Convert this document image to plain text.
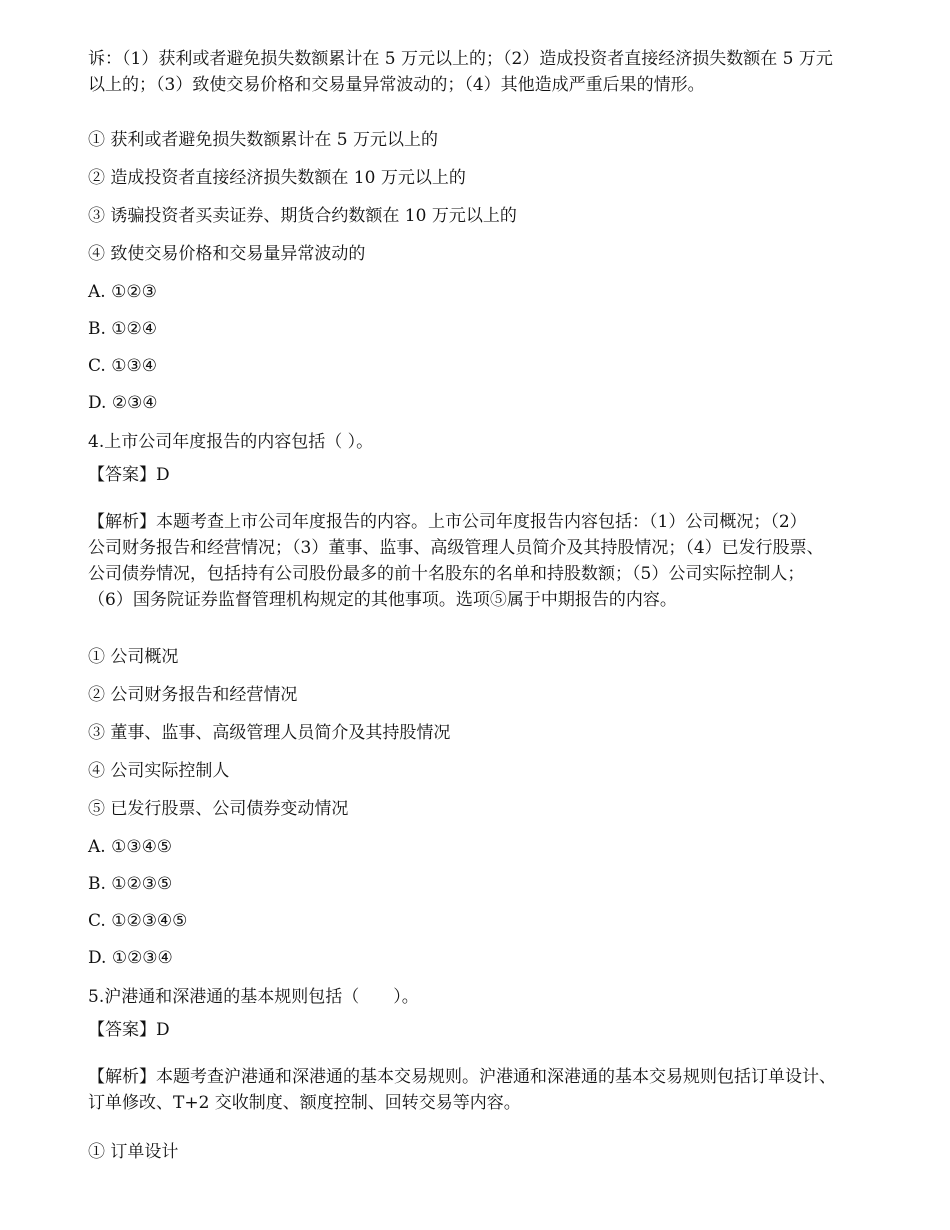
诉：（1）获利或者避免损失数额累计在 5 万元以上的；（2）造成投资者直接经济损失数额在 5 万元
以上的；（3）致使交易价格和交易量异常波动的；（4）其他造成严重后果的情形。
① 获利或者避免损失数额累计在 5 万元以上的
② 造成投资者直接经济损失数额在 10 万元以上的
③ 诱骗投资者买卖证券、期货合约数额在 10 万元以上的
④ 致使交易价格和交易量异常波动的
A. ①②③
B. ①②④
C. ①③④
D. ②③④
4.上市公司年度报告的内容包括（ ）。
【答案】D
【解析】本题考查上市公司年度报告的内容。上市公司年度报告内容包括：（1）公司概况；（2）
公司财务报告和经营情况；（3）董事、监事、高级管理人员简介及其持股情况；（4）已发行股票、
公司债券情况，包括持有公司股份最多的前十名股东的名单和持股数额；（5）公司实际控制人；
（6）国务院证券监督管理机构规定的其他事项。选项⑤属于中期报告的内容。
① 公司概况
② 公司财务报告和经营情况
③ 董事、监事、高级管理人员简介及其持股情况
④ 公司实际控制人
⑤ 已发行股票、公司债券变动情况
A. ①③④⑤
B. ①②③⑤
C. ①②③④⑤
D. ①②③④
5.沪港通和深港通的基本规则包括（　　）。
【答案】D
【解析】本题考查沪港通和深港通的基本交易规则。沪港通和深港通的基本交易规则包括订单设计、
订单修改、T+2 交收制度、额度控制、回转交易等内容。
① 订单设计
